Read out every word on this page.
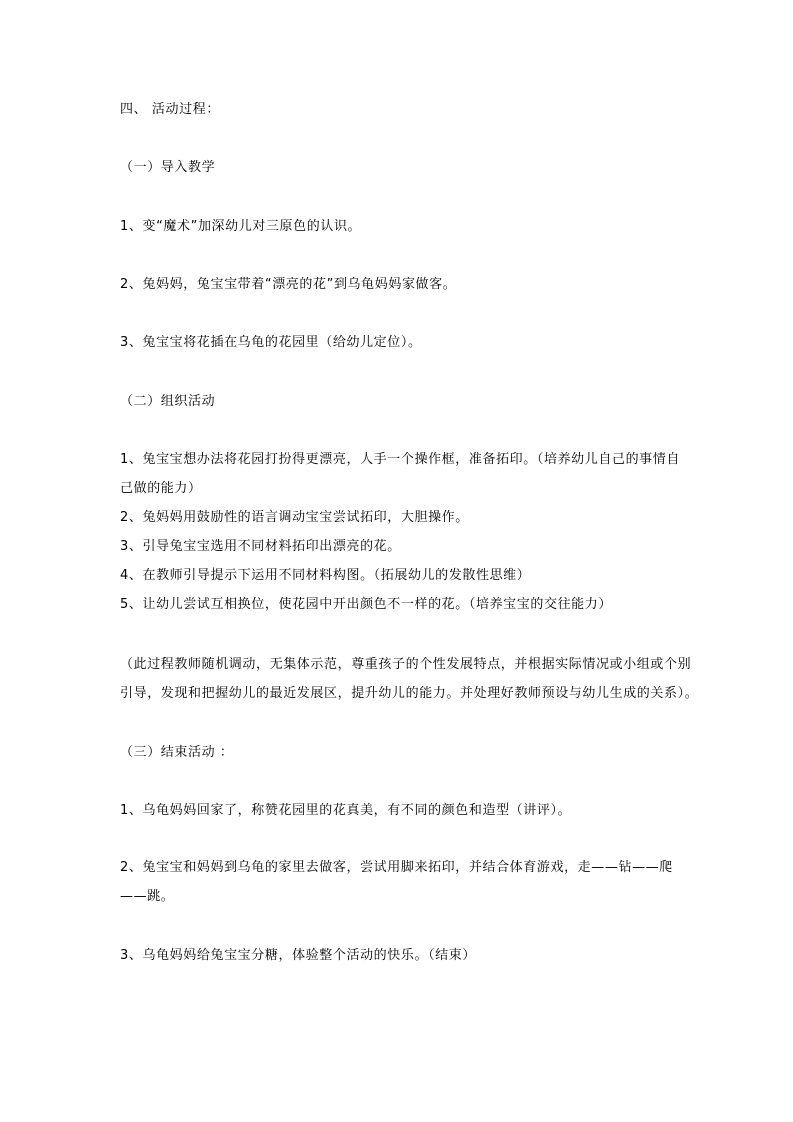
四、 活动过程：
（一）导入教学
1、变“魔术”加深幼儿对三原色的认识。
2、兔妈妈，兔宝宝带着“漂亮的花”到乌龟妈妈家做客。
3、兔宝宝将花插在乌龟的花园里（给幼儿定位）。
（二）组织活动
1、兔宝宝想办法将花园打扮得更漂亮，人手一个操作框，准备拓印。（培养幼儿自己的事情自
己做的能力）
2、兔妈妈用鼓励性的语言调动宝宝尝试拓印，大胆操作。
3、引导兔宝宝选用不同材料拓印出漂亮的花。
4、在教师引导提示下运用不同材料构图。（拓展幼儿的发散性思维）
5、让幼儿尝试互相换位，使花园中开出颜色不一样的花。（培养宝宝的交往能力）
（此过程教师随机调动，无集体示范，尊重孩子的个性发展特点，并根据实际情况或小组或个别
引导，发现和把握幼儿的最近发展区，提升幼儿的能力。并处理好教师预设与幼儿生成的关系）。
（三）结束活动 ：
1、乌龟妈妈回家了，称赞花园里的花真美，有不同的颜色和造型（讲评）。
2、兔宝宝和妈妈到乌龟的家里去做客，尝试用脚来拓印，并结合体育游戏，走——钻——爬
——跳。
3、乌龟妈妈给兔宝宝分糖，体验整个活动的快乐。（结束）
